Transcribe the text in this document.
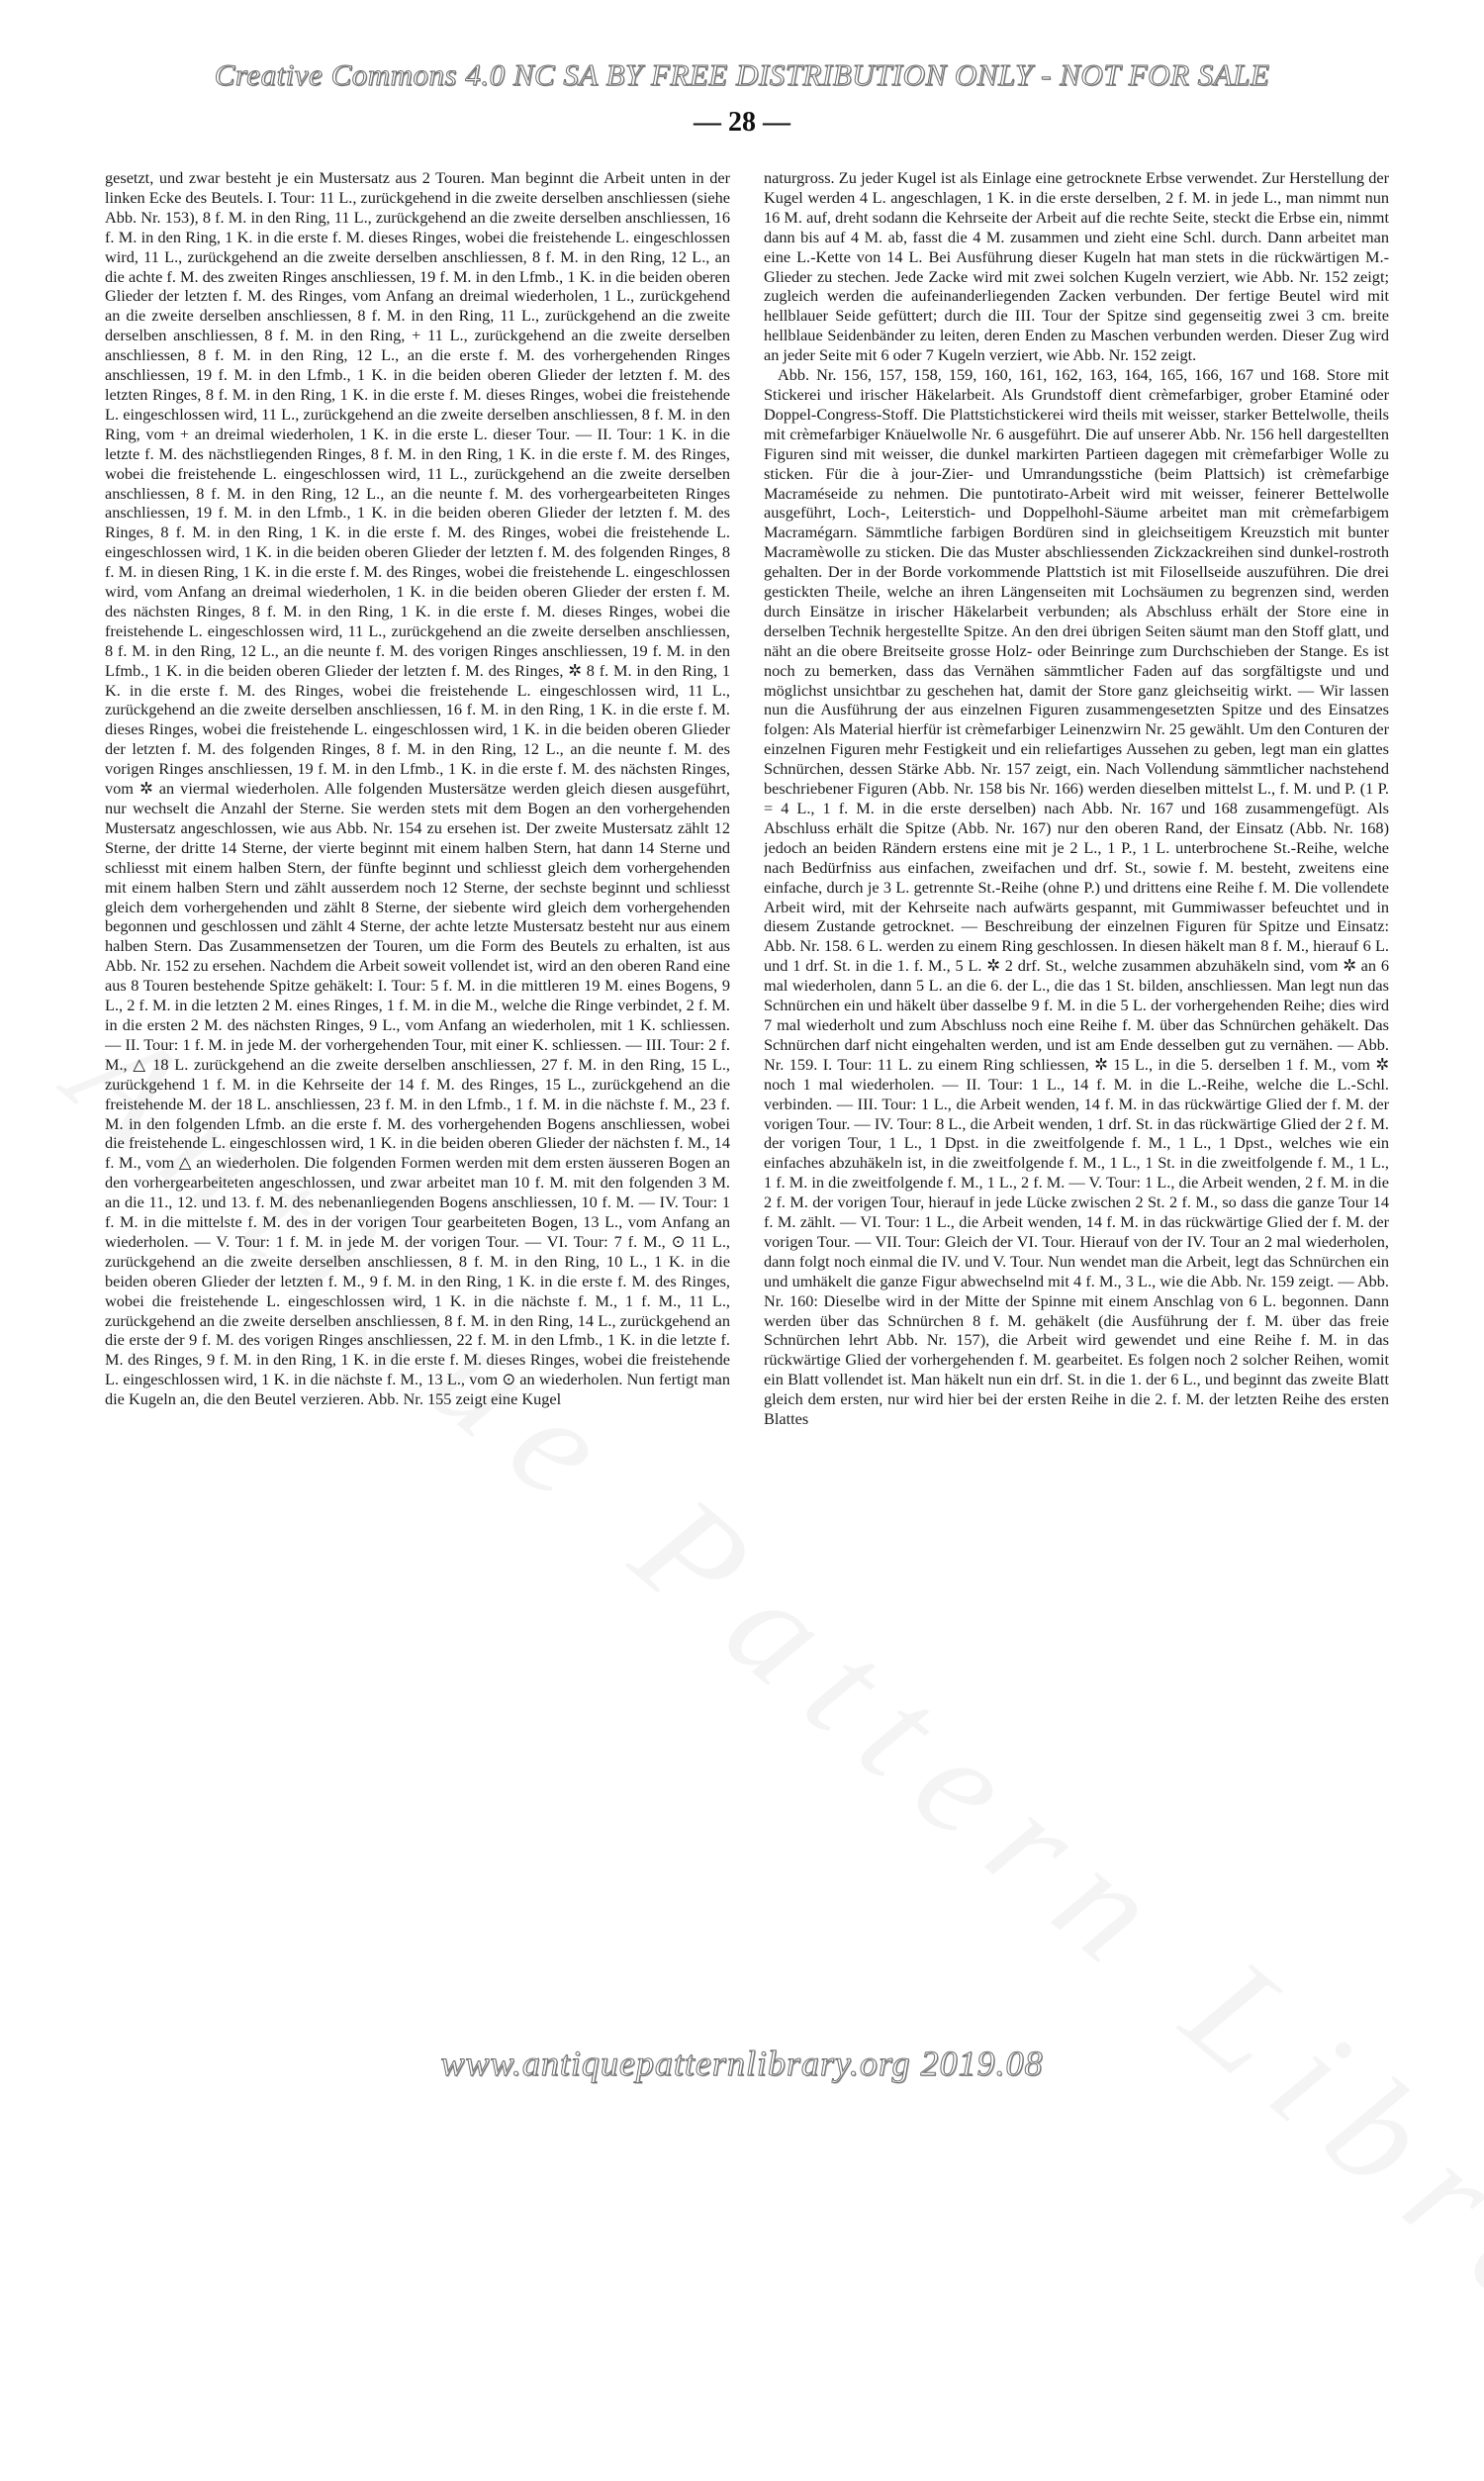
Creative Commons 4.0 NC SA BY FREE DISTRIBUTION ONLY - NOT FOR SALE
— 28 —

gesetzt, und zwar besteht je ein Mustersatz aus 2 Touren. Man beginnt die Arbeit unten in der linken Ecke des Beutels. I. Tour: 11 L., zurückgehend in die zweite derselben anschliessen (siehe Abb. Nr. 153), 8 f. M. in den Ring, 11 L., zurückgehend an die zweite derselben anschliessen, 16 f. M. in den Ring, 1 K. in die erste f. M. dieses Ringes, wobei die freistehende L. eingeschlossen wird, 11 L., zurückgehend an die zweite derselben anschliessen, 8 f. M. in den Ring, 12 L., an die achte f. M. des zweiten Ringes anschliessen, 19 f. M. in den Lfmb., 1 K. in die beiden oberen Glieder der letzten f. M. des Ringes, vom Anfang an dreimal wiederholen, 1 L., zurückgehend an die zweite derselben anschliessen, 8 f. M. in den Ring, 11 L., zurückgehend an die zweite derselben anschliessen, 8 f. M. in den Ring, + 11 L., zurückgehend an die zweite derselben anschliessen, 8 f. M. in den Ring, 12 L., an die erste f. M. des vorhergehenden Ringes anschliessen, 19 f. M. in den Lfmb., 1 K. in die beiden oberen Glieder der letzten f. M. des letzten Ringes, 8 f. M. in den Ring, 1 K. in die erste f. M. dieses Ringes, wobei die freistehende L. eingeschlossen wird, 11 L., zurückgehend an die zweite derselben anschliessen, 8 f. M. in den Ring, vom + an dreimal wiederholen, 1 K. in die erste L. dieser Tour. — II. Tour: 1 K. in die letzte f. M. des nächstliegenden Ringes, 8 f. M. in den Ring, 1 K. in die erste f. M. des Ringes, wobei die freistehende L. eingeschlossen wird, 11 L., zurückgehend an die zweite derselben anschliessen, 8 f. M. in den Ring, 12 L., an die neunte f. M. des vorhergearbeiteten Ringes anschliessen, 19 f. M. in den Lfmb., 1 K. in die beiden oberen Glieder der letzten f. M. des Ringes, 8 f. M. in den Ring, 1 K. in die erste f. M. des Ringes, wobei die freistehende L. eingeschlossen wird, 1 K. in die beiden oberen Glieder der letzten f. M. des folgenden Ringes, 8 f. M. in diesen Ring, 1 K. in die erste f. M. des Ringes, wobei die freistehende L. eingeschlossen wird, vom Anfang an dreimal wiederholen, 1 K. in die beiden oberen Glieder der ersten f. M. des nächsten Ringes, 8 f. M. in den Ring, 1 K. in die erste f. M. dieses Ringes, wobei die freistehende L. eingeschlossen wird, 11 L., zurückgehend an die zweite derselben anschliessen, 8 f. M. in den Ring, 12 L., an die neunte f. M. des vorigen Ringes anschliessen, 19 f. M. in den Lfmb., 1 K. in die beiden oberen Glieder der letzten f. M. des Ringes, ✲ 8 f. M. in den Ring, 1 K. in die erste f. M. des Ringes, wobei die freistehende L. eingeschlossen wird, 11 L., zurückgehend an die zweite derselben anschliessen, 16 f. M. in den Ring, 1 K. in die erste f. M. dieses Ringes, wobei die freistehende L. eingeschlossen wird, 1 K. in die beiden oberen Glieder der letzten f. M. des folgenden Ringes, 8 f. M. in den Ring, 12 L., an die neunte f. M. des vorigen Ringes anschliessen, 19 f. M. in den Lfmb., 1 K. in die erste f. M. des nächsten Ringes, vom ✲ an viermal wiederholen. Alle folgenden Mustersätze werden gleich diesen ausgeführt, nur wechselt die Anzahl der Sterne. Sie werden stets mit dem Bogen an den vorhergehenden Mustersatz angeschlossen, wie aus Abb. Nr. 154 zu ersehen ist. Der zweite Mustersatz zählt 12 Sterne, der dritte 14 Sterne, der vierte beginnt mit einem halben Stern, hat dann 14 Sterne und schliesst mit einem halben Stern, der fünfte beginnt und schliesst gleich dem vorhergehenden mit einem halben Stern und zählt ausserdem noch 12 Sterne, der sechste beginnt und schliesst gleich dem vorhergehenden und zählt 8 Sterne, der siebente wird gleich dem vorhergehenden begonnen und geschlossen und zählt 4 Sterne, der achte letzte Mustersatz besteht nur aus einem halben Stern. Das Zusammensetzen der Touren, um die Form des Beutels zu erhalten, ist aus Abb. Nr. 152 zu ersehen. Nachdem die Arbeit soweit vollendet ist, wird an den oberen Rand eine aus 8 Touren bestehende Spitze gehäkelt: I. Tour: 5 f. M. in die mittleren 19 M. eines Bogens, 9 L., 2 f. M. in die letzten 2 M. eines Ringes, 1 f. M. in die M., welche die Ringe verbindet, 2 f. M. in die ersten 2 M. des nächsten Ringes, 9 L., vom Anfang an wiederholen, mit 1 K. schliessen. — II. Tour: 1 f. M. in jede M. der vorhergehenden Tour, mit einer K. schliessen. — III. Tour: 2 f. M., △ 18 L. zurückgehend an die zweite derselben anschliessen, 27 f. M. in den Ring, 15 L., zurückgehend 1 f. M. in die Kehrseite der 14 f. M. des Ringes, 15 L., zurückgehend an die freistehende M. der 18 L. anschliessen, 23 f. M. in den Lfmb., 1 f. M. in die nächste f. M., 23 f. M. in den folgenden Lfmb. an die erste f. M. des vorhergehenden Bogens anschliessen, wobei die freistehende L. eingeschlossen wird, 1 K. in die beiden oberen Glieder der nächsten f. M., 14 f. M., vom △ an wiederholen. Die folgenden Formen werden mit dem ersten äusseren Bogen an den vorhergearbeiteten angeschlossen, und zwar arbeitet man 10 f. M. mit den folgenden 3 M. an die 11., 12. und 13. f. M. des nebenanliegenden Bogens anschliessen, 10 f. M. — IV. Tour: 1 f. M. in die mittelste f. M. des in der vorigen Tour gearbeiteten Bogen, 13 L., vom Anfang an wiederholen. — V. Tour: 1 f. M. in jede M. der vorigen Tour. — VI. Tour: 7 f. M., ⊙ 11 L., zurückgehend an die zweite derselben anschliessen, 8 f. M. in den Ring, 10 L., 1 K. in die beiden oberen Glieder der letzten f. M., 9 f. M. in den Ring, 1 K. in die erste f. M. des Ringes, wobei die freistehende L. eingeschlossen wird, 1 K. in die nächste f. M., 1 f. M., 11 L., zurückgehend an die zweite derselben anschliessen, 8 f. M. in den Ring, 14 L., zurückgehend an die erste der 9 f. M. des vorigen Ringes anschliessen, 22 f. M. in den Lfmb., 1 K. in die letzte f. M. des Ringes, 9 f. M. in den Ring, 1 K. in die erste f. M. dieses Ringes, wobei die freistehende L. eingeschlossen wird, 1 K. in die nächste f. M., 13 L., vom ⊙ an wiederholen. Nun fertigt man die Kugeln an, die den Beutel verzieren. Abb. Nr. 155 zeigt eine Kugel

naturgross. Zu jeder Kugel ist als Einlage eine getrocknete Erbse verwendet. Zur Herstellung der Kugel werden 4 L. angeschlagen, 1 K. in die erste derselben, 2 f. M. in jede L., man nimmt nun 16 M. auf, dreht sodann die Kehrseite der Arbeit auf die rechte Seite, steckt die Erbse ein, nimmt dann bis auf 4 M. ab, fasst die 4 M. zusammen und zieht eine Schl. durch. Dann arbeitet man eine L.-Kette von 14 L. Bei Ausführung dieser Kugeln hat man stets in die rückwärtigen M.-Glieder zu stechen. Jede Zacke wird mit zwei solchen Kugeln verziert, wie Abb. Nr. 152 zeigt; zugleich werden die aufeinanderliegenden Zacken verbunden. Der fertige Beutel wird mit hellblauer Seide gefüttert; durch die III. Tour der Spitze sind gegenseitig zwei 3 cm. breite hellblaue Seidenbänder zu leiten, deren Enden zu Maschen verbunden werden. Dieser Zug wird an jeder Seite mit 6 oder 7 Kugeln verziert, wie Abb. Nr. 152 zeigt.

Abb. Nr. 156, 157, 158, 159, 160, 161, 162, 163, 164, 165, 166, 167 und 168. Store mit Stickerei und irischer Häkelarbeit. Als Grundstoff dient crèmefarbiger, grober Etaminé oder Doppel-Congress-Stoff. Die Plattstichstickerei wird theils mit weisser, starker Bettelwolle, theils mit crèmefarbiger Knäuelwolle Nr. 6 ausgeführt. Die auf unserer Abb. Nr. 156 hell dargestellten Figuren sind mit weisser, die dunkel markirten Partieen dagegen mit crèmefarbiger Wolle zu sticken. Für die à jour-Zier- und Umrandungsstiche (beim Plattsich) ist crèmefarbige Macraméseide zu nehmen. Die puntotirato-Arbeit wird mit weisser, feinerer Bettelwolle ausgeführt, Loch-, Leiterstich- und Doppelhohl-Säume arbeitet man mit crèmefarbigem Macramégarn. Sämmtliche farbigen Bordüren sind in gleichseitigem Kreuzstich mit bunter Macramèwolle zu sticken. Die das Muster abschliessenden Zickzackreihen sind dunkel-rostroth gehalten. Der in der Borde vorkommende Plattstich ist mit Filosellseide auszuführen. Die drei gestickten Theile, welche an ihren Längenseiten mit Lochsäumen zu begrenzen sind, werden durch Einsätze in irischer Häkelarbeit verbunden; als Abschluss erhält der Store eine in derselben Technik hergestellte Spitze. An den drei übrigen Seiten säumt man den Stoff glatt, und näht an die obere Breitseite grosse Holz- oder Beinringe zum Durchschieben der Stange. Es ist noch zu bemerken, dass das Vernähen sämmtlicher Faden auf das sorgfältigste und und möglichst unsichtbar zu geschehen hat, damit der Store ganz gleichseitig wirkt. — Wir lassen nun die Ausführung der aus einzelnen Figuren zusammengesetzten Spitze und des Einsatzes folgen: Als Material hierfür ist crèmefarbiger Leinenzwirn Nr. 25 gewählt. Um den Conturen der einzelnen Figuren mehr Festigkeit und ein reliefartiges Aussehen zu geben, legt man ein glattes Schnürchen, dessen Stärke Abb. Nr. 157 zeigt, ein. Nach Vollendung sämmtlicher nachstehend beschriebener Figuren (Abb. Nr. 158 bis Nr. 166) werden dieselben mittelst L., f. M. und P. (1 P. = 4 L., 1 f. M. in die erste derselben) nach Abb. Nr. 167 und 168 zusammengefügt. Als Abschluss erhält die Spitze (Abb. Nr. 167) nur den oberen Rand, der Einsatz (Abb. Nr. 168) jedoch an beiden Rändern erstens eine mit je 2 L., 1 P., 1 L. unterbrochene St.-Reihe, welche nach Bedürfniss aus einfachen, zweifachen und drf. St., sowie f. M. besteht, zweitens eine einfache, durch je 3 L. getrennte St.-Reihe (ohne P.) und drittens eine Reihe f. M. Die vollendete Arbeit wird, mit der Kehrseite nach aufwärts gespannt, mit Gummiwasser befeuchtet und in diesem Zustande getrocknet. — Beschreibung der einzelnen Figuren für Spitze und Einsatz: Abb. Nr. 158. 6 L. werden zu einem Ring geschlossen. In diesen häkelt man 8 f. M., hierauf 6 L. und 1 drf. St. in die 1. f. M., 5 L. ✲ 2 drf. St., welche zusammen abzuhäkeln sind, vom ✲ an 6 mal wiederholen, dann 5 L. an die 6. der L., die das 1 St. bilden, anschliessen. Man legt nun das Schnürchen ein und häkelt über dasselbe 9 f. M. in die 5 L. der vorhergehenden Reihe; dies wird 7 mal wiederholt und zum Abschluss noch eine Reihe f. M. über das Schnürchen gehäkelt. Das Schnürchen darf nicht eingehalten werden, und ist am Ende desselben gut zu vernähen. — Abb. Nr. 159. I. Tour: 11 L. zu einem Ring schliessen, ✲ 15 L., in die 5. derselben 1 f. M., vom ✲ noch 1 mal wiederholen. — II. Tour: 1 L., 14 f. M. in die L.-Reihe, welche die L.-Schl. verbinden. — III. Tour: 1 L., die Arbeit wenden, 14 f. M. in das rückwärtige Glied der f. M. der vorigen Tour. — IV. Tour: 8 L., die Arbeit wenden, 1 drf. St. in das rückwärtige Glied der 2 f. M. der vorigen Tour, 1 L., 1 Dpst. in die zweitfolgende f. M., 1 L., 1 Dpst., welches wie ein einfaches abzuhäkeln ist, in die zweitfolgende f. M., 1 L., 1 St. in die zweitfolgende f. M., 1 L., 1 f. M. in die zweitfolgende f. M., 1 L., 2 f. M. — V. Tour: 1 L., die Arbeit wenden, 2 f. M. in die 2 f. M. der vorigen Tour, hierauf in jede Lücke zwischen 2 St. 2 f. M., so dass die ganze Tour 14 f. M. zählt. — VI. Tour: 1 L., die Arbeit wenden, 14 f. M. in das rückwärtige Glied der f. M. der vorigen Tour. — VII. Tour: Gleich der VI. Tour. Hierauf von der IV. Tour an 2 mal wiederholen, dann folgt noch einmal die IV. und V. Tour. Nun wendet man die Arbeit, legt das Schnürchen ein und umhäkelt die ganze Figur abwechselnd mit 4 f. M., 3 L., wie die Abb. Nr. 159 zeigt. — Abb. Nr. 160: Dieselbe wird in der Mitte der Spinne mit einem Anschlag von 6 L. begonnen. Dann werden über das Schnürchen 8 f. M. gehäkelt (die Ausführung der f. M. über das freie Schnürchen lehrt Abb. Nr. 157), die Arbeit wird gewendet und eine Reihe f. M. in das rückwärtige Glied der vorhergehenden f. M. gearbeitet. Es folgen noch 2 solcher Reihen, womit ein Blatt vollendet ist. Man häkelt nun ein drf. St. in die 1. der 6 L., und beginnt das zweite Blatt gleich dem ersten, nur wird hier bei der ersten Reihe in die 2. f. M. der letzten Reihe des ersten Blattes

www.antiquepatternlibrary.org 2019.08
